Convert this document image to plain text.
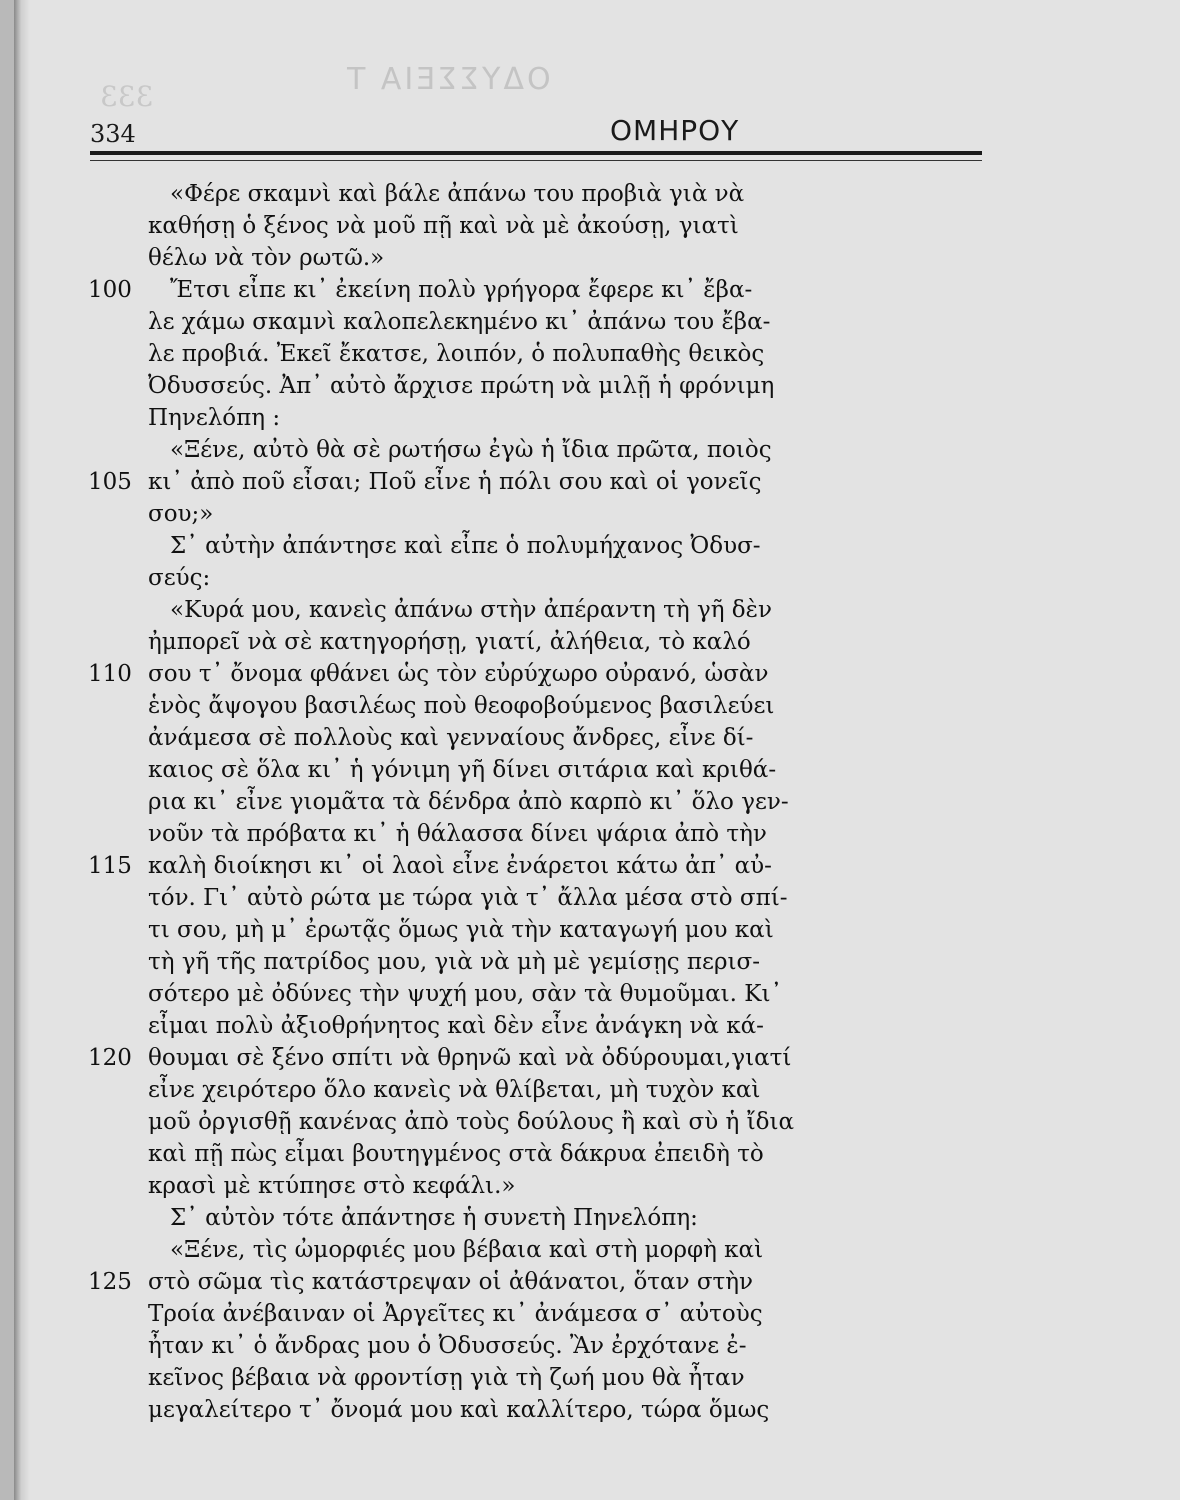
ΟΔΥΣΣΕΙΑ Τ
333
334	ΟΜΗΡΟΥ
«Φέρε σκαμνὶ καὶ βάλε ἀπάνω του προβιὰ γιὰ νὰ
καθήσῃ ὁ ξένος νὰ μοῦ πῇ καὶ νὰ μὲ ἀκούσῃ, γιατὶ
θέλω νὰ τὸν ρωτῶ.»
Ἔτσι εἶπε κι᾽ ἐκείνη πολὺ γρήγορα ἔφερε κι᾽ ἔβα-
λε χάμω σκαμνὶ καλοπελεκημένο κι᾽ ἀπάνω του ἔβα-
λε προβιά. Ἐκεῖ ἔκατσε, λοιπόν, ὁ πολυπαθὴς θεικὸς
Ὀδυσσεύς. Ἀπ᾽ αὐτὸ ἄρχισε πρώτη νὰ μιλῇ ἡ φρόνιμη
Πηνελόπη :
«Ξένε, αὐτὸ θὰ σὲ ρωτήσω ἐγὼ ἡ ἴδια πρῶτα, ποιὸς
κι᾽ ἀπὸ ποῦ εἶσαι; Ποῦ εἶνε ἡ πόλι σου καὶ οἱ γονεῖς
σου;»
Σ᾽ αὐτὴν ἀπάντησε καὶ εἶπε ὁ πολυμήχανος Ὀδυσ-
σεύς:
«Κυρά μου, κανεὶς ἀπάνω στὴν ἀπέραντη τὴ γῆ δὲν
ἠμπορεῖ νὰ σὲ κατηγορήσῃ, γιατί, ἀλήθεια, τὸ καλό
σου τ᾽ ὄνομα φθάνει ὡς τὸν εὐρύχωρο οὐρανό, ὡσὰν
ἑνὸς ἄψογου βασιλέως ποὺ θεοφοβούμενος βασιλεύει
ἀνάμεσα σὲ πολλοὺς καὶ γενναίους ἄνδρες, εἶνε δί-
καιος σὲ ὅλα κι᾽ ἡ γόνιμη γῆ δίνει σιτάρια καὶ κριθά-
ρια κι᾽ εἶνε γιομᾶτα τὰ δένδρα ἀπὸ καρπὸ κι᾽ ὅλο γεν-
νοῦν τὰ πρόβατα κι᾽ ἡ θάλασσα δίνει ψάρια ἀπὸ τὴν
καλὴ διοίκησι κι᾽ οἱ λαοὶ εἶνε ἐνάρετοι κάτω ἀπ᾽ αὐ-
τόν. Γι᾽ αὐτὸ ρώτα με τώρα γιὰ τ᾽ ἄλλα μέσα στὸ σπί-
τι σου, μὴ μ᾽ ἐρωτᾷς ὅμως γιὰ τὴν καταγωγή μου καὶ
τὴ γῆ τῆς πατρίδος μου, γιὰ νὰ μὴ μὲ γεμίσῃς περισ-
σότερο μὲ ὀδύνες τὴν ψυχή μου, σὰν τὰ θυμοῦμαι. Κι᾽
εἶμαι πολὺ ἀξιοθρήνητος καὶ δὲν εἶνε ἀνάγκη νὰ κά-
θουμαι σὲ ξένο σπίτι νὰ θρηνῶ καὶ νὰ ὀδύρουμαι,γιατί
εἶνε χειρότερο ὅλο κανεὶς νὰ θλίβεται, μὴ τυχὸν καὶ
μοῦ ὀργισθῇ κανένας ἀπὸ τοὺς δούλους ἢ καὶ σὺ ἡ ἴδια
καὶ πῇ πὼς εἶμαι βουτηγμένος στὰ δάκρυα ἐπειδὴ τὸ
κρασὶ μὲ κτύπησε στὸ κεφάλι.»
Σ᾽ αὐτὸν τότε ἀπάντησε ἡ συνετὴ Πηνελόπη:
«Ξένε, τὶς ὠμορφιές μου βέβαια καὶ στὴ μορφὴ καὶ
στὸ σῶμα τὶς κατάστρεψαν οἱ ἀθάνατοι, ὅταν στὴν
Τροία ἀνέβαιναν οἱ Ἀργεῖτες κι᾽ ἀνάμεσα σ᾽ αὐτοὺς
ἦταν κι᾽ ὁ ἄνδρας μου ὁ Ὀδυσσεύς. Ἂν ἐρχότανε ἐ-
κεῖνος βέβαια νὰ φροντίσῃ γιὰ τὴ ζωή μου θὰ ἦταν
μεγαλείτερο τ᾽ ὄνομά μου καὶ καλλίτερο, τώρα ὅμως
100
105
110
115
120
125
